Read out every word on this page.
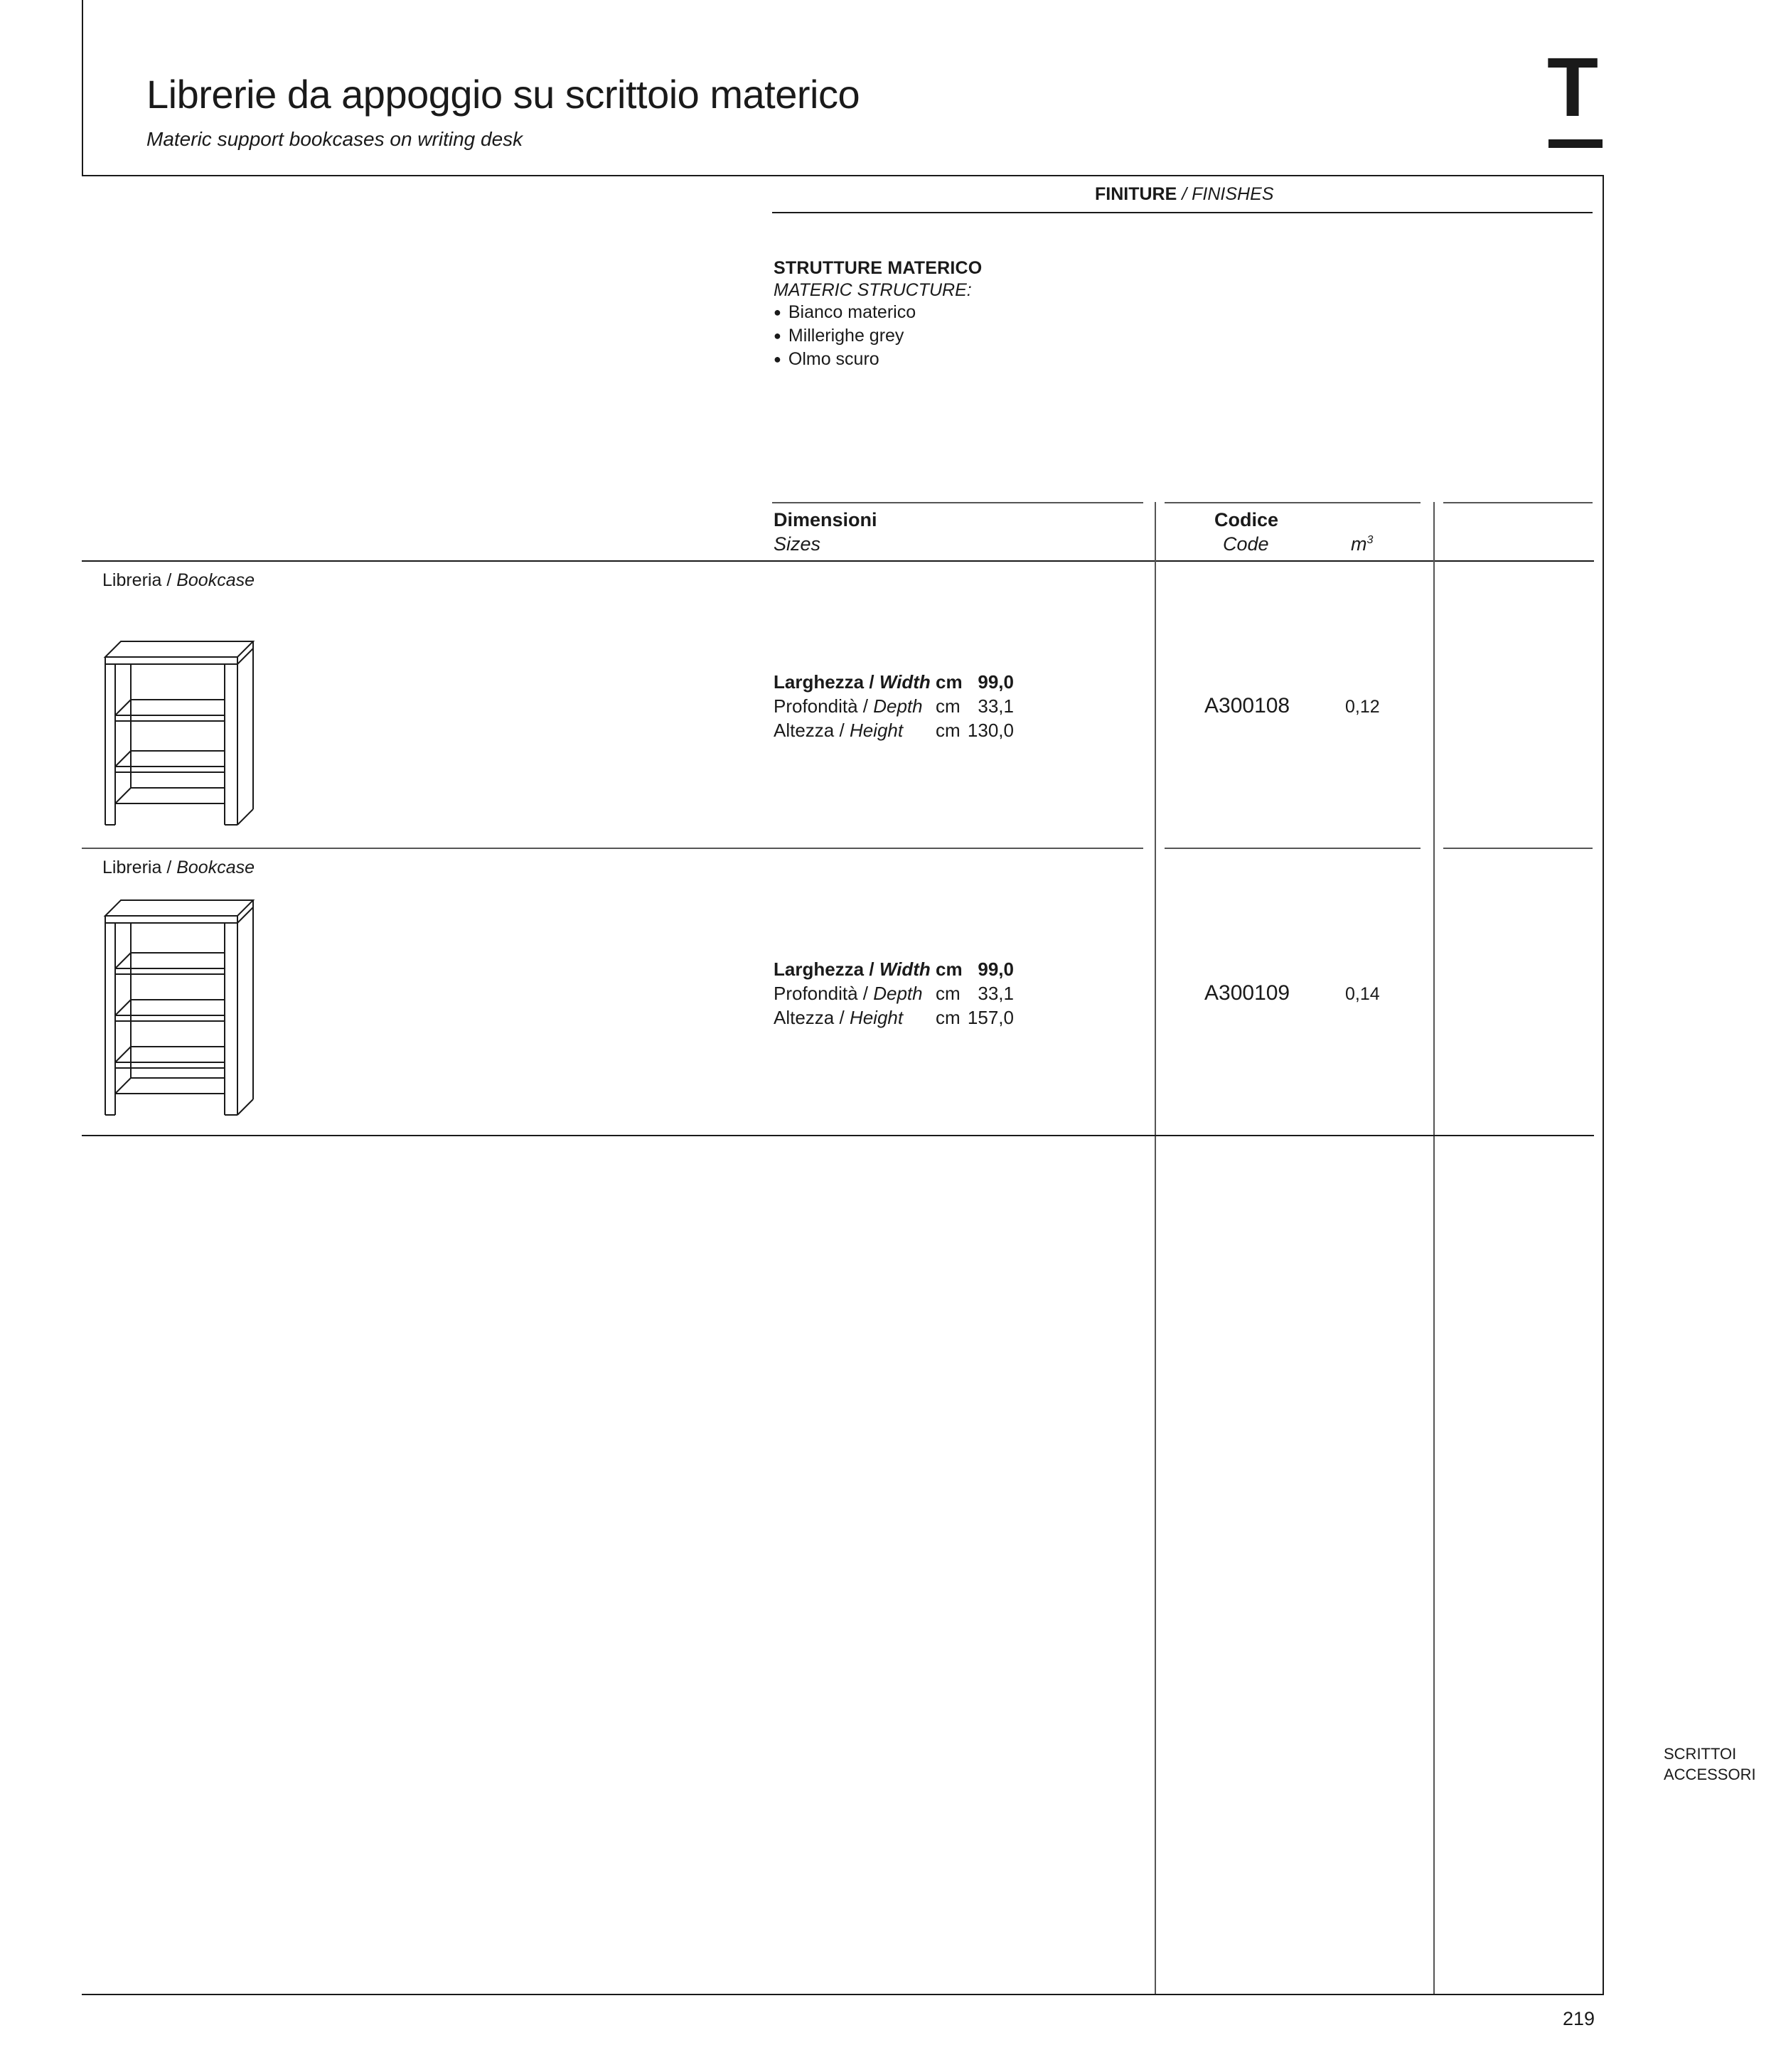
Librerie da appoggio su scrittoio materico
Materic support bookcases on writing desk
T
FINITURE / FINISHES
STRUTTURE MATERICO
MATERIC STRUCTURE:
● Bianco materico
● Millerighe grey
● Olmo scuro
Dimensioni
Sizes
Codice
Code	$m^3$
Libreria / Bookcase
Larghezza / Width cm 99,0
Profondità / Depth cm 33,1
Altezza / Height cm 130,0
A300108	0,12
Libreria / Bookcase
Larghezza / Width cm 99,0
Profondità / Depth cm 33,1
Altezza / Height cm 157,0
A300109	0,14
SCRITTOI
ACCESSORI
219
